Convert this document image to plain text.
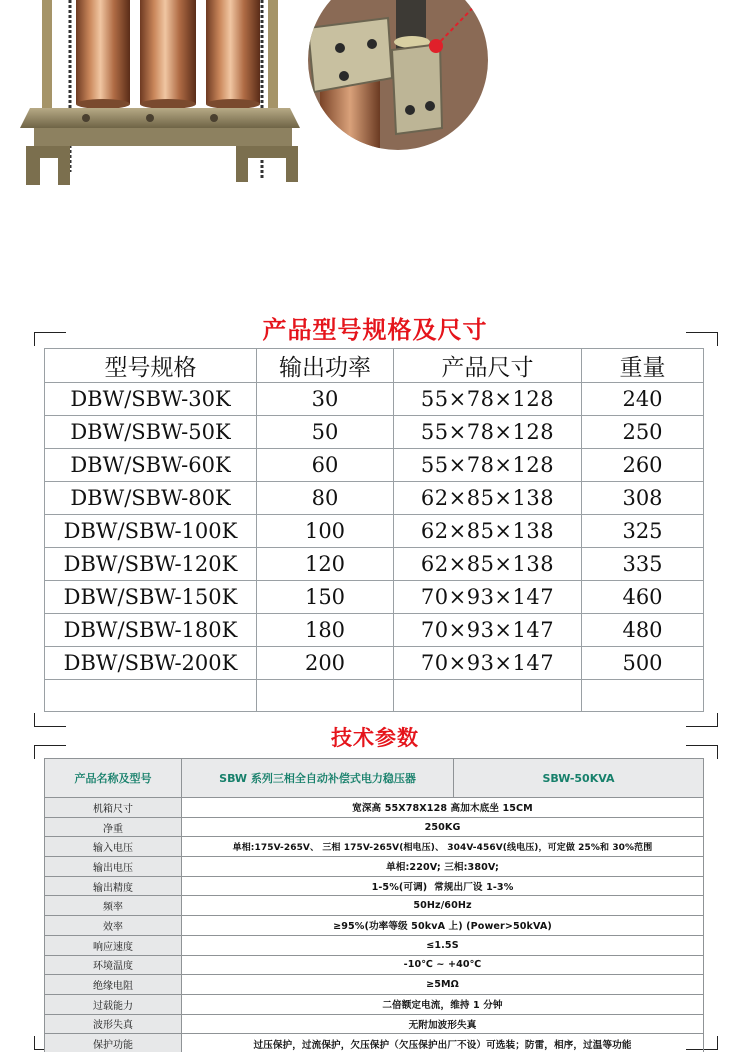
产品型号规格及尺寸
型号规格	输出功率	产品尺寸	重量
DBW/SBW-30K	30	55×78×128	240
DBW/SBW-50K	50	55×78×128	250
DBW/SBW-60K	60	55×78×128	260
DBW/SBW-80K	80	62×85×138	308
DBW/SBW-100K	100	62×85×138	325
DBW/SBW-120K	120	62×85×138	335
DBW/SBW-150K	150	70×93×147	460
DBW/SBW-180K	180	70×93×147	480
DBW/SBW-200K	200	70×93×147	500

技术参数
产品名称及型号	SBW 系列三相全自动补偿式电力稳压器	SBW-50KVA
机箱尺寸	宽深高 55X78X128 高加木底坐 15CM	
净重	250KG	
输入电压	单相:175V-265V、 三相 175V-265V(相电压)、 304V-456V(线电压)，可定做 25%和 30%范围	
输出电压	单相:220V; 三相:380V;	
输出精度	1-5%(可调)  常规出厂设 1-3%	
频率	50Hz/60Hz	
效率	≥95%(功率等级 50kvA 上) (Power>50kVA)	
响应速度	≤1.5S	
环境温度	-10℃ ~ +40℃	
绝缘电阻	≥5MΩ	
过载能力	二倍额定电流，维持 1 分钟	
波形失真	无附加波形失真	
保护功能	过压保护，过流保护，欠压保护（欠压保护出厂不设）可选装；防雷，相序，过温等功能	
